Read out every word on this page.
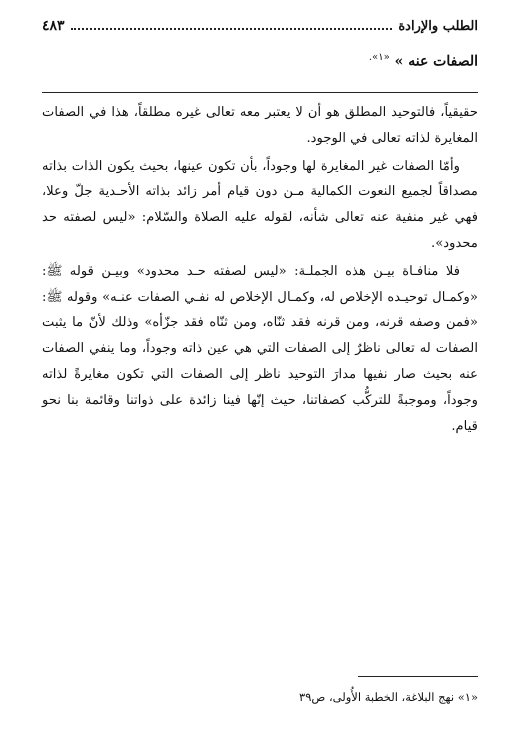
الطلب والإرادة
٤٨٣
الصفات عنه » $^{«١».}$

حقيقياً، فالتوحيد المطلق هو أن لا يعتبر معه تعالى غيره مطلقاً، هذا في الصفات المغايرة لذاته تعالى في الوجود.

وأمّا الصفات غير المغايرة لها وجوداً، بأن تكون عينها، بحيث يكون الذات بذاته مصداقاً لجميع النعوت الكمالية مـن دون قيام أمر زائد بذاته الأحـدية جلّ وعلا، فهي غير منفية عنه تعالى شأنه، لقوله عليه الصلاة والسّلام: «ليس لصفته حد محدود».

فلا منافـاة بيـن هذه الجملـة: «ليس لصفته حـد محدود» وبيـن قوله ﷺ: «وكمـال توحيـده الإخلاص له، وكمـال الإخلاص له نفـي الصفات عنـه» وقوله ﷺ: «فمن وصفه قرنه، ومن قرنه فقد ثنّاه، ومن ثنّاه فقد جزّأه» وذلك لأنّ ما يثبت الصفات له تعالى ناظرٌ إلى الصفات التي هي عين ذاته وجوداً، وما ينفي الصفات عنه بحيث صار نفيها مدارَ التوحيد ناظر إلى الصفات التي تكون مغايرةً لذاته وجوداً، وموجبةً للتركُّب كصفاتنا، حيث إنّها فينا زائدة على ذواتنا وقائمة بنا نحو قيام.

«١» نهج البلاغة، الخطبة الأُولى، ص٣٩
